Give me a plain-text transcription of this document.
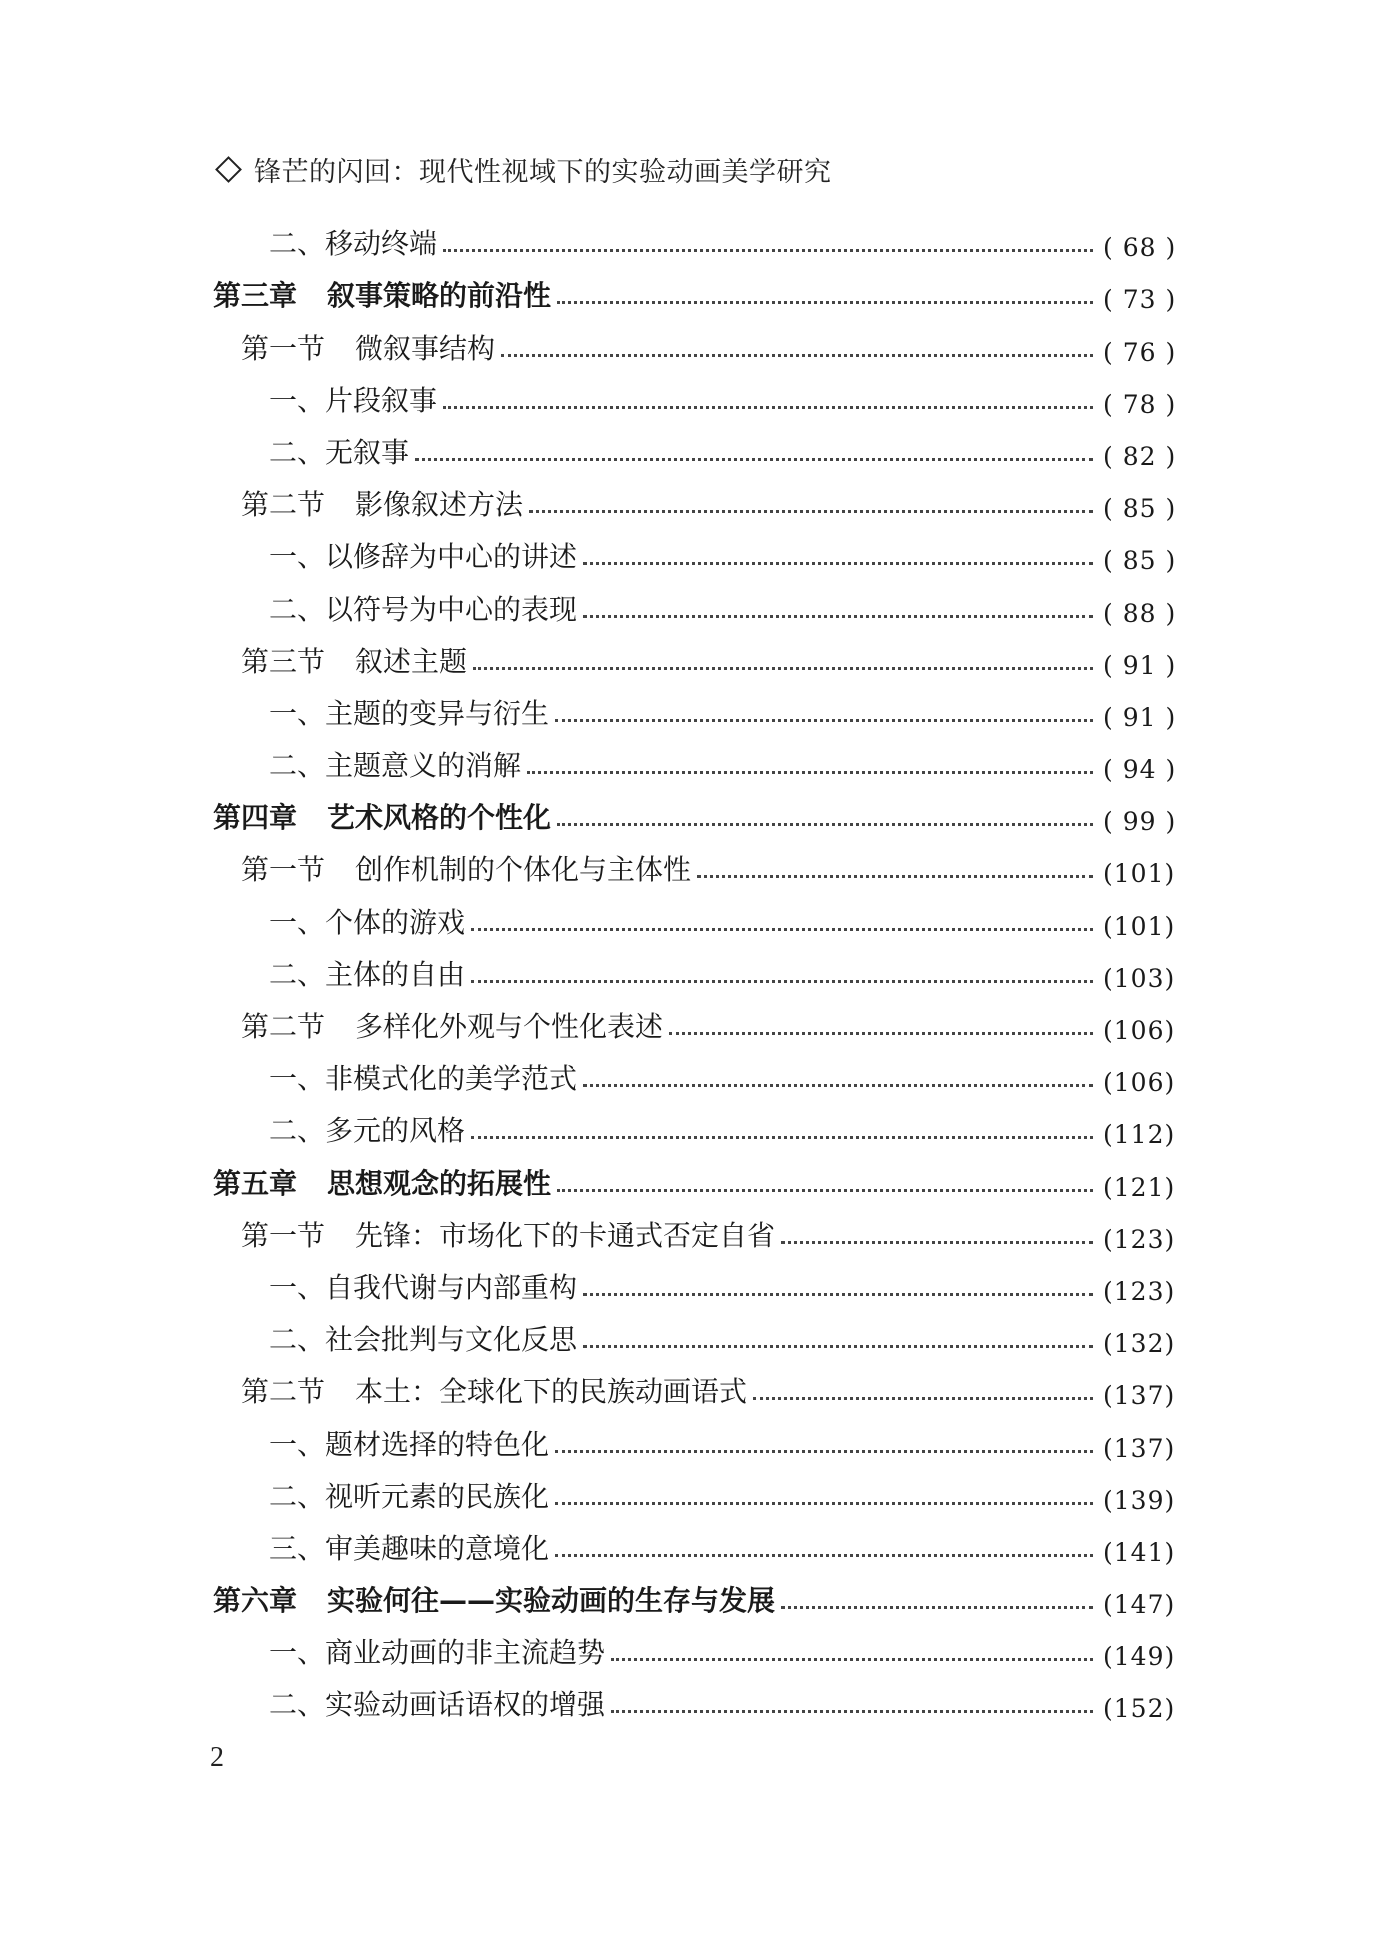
锋芒的闪回：现代性视域下的实验动画美学研究
二、移动终端	( 68 )
第三章 叙事策略的前沿性	( 73 )
第一节 微叙事结构	( 76 )
一、片段叙事	( 78 )
二、无叙事	( 82 )
第二节 影像叙述方法	( 85 )
一、以修辞为中心的讲述	( 85 )
二、以符号为中心的表现	( 88 )
第三节 叙述主题	( 91 )
一、主题的变异与衍生	( 91 )
二、主题意义的消解	( 94 )
第四章 艺术风格的个性化	( 99 )
第一节 创作机制的个体化与主体性	(101)
一、个体的游戏	(101)
二、主体的自由	(103)
第二节 多样化外观与个性化表述	(106)
一、非模式化的美学范式	(106)
二、多元的风格	(112)
第五章 思想观念的拓展性	(121)
第一节 先锋：市场化下的卡通式否定自省	(123)
一、自我代谢与内部重构	(123)
二、社会批判与文化反思	(132)
第二节 本土：全球化下的民族动画语式	(137)
一、题材选择的特色化	(137)
二、视听元素的民族化	(139)
三、审美趣味的意境化	(141)
第六章 实验何往——实验动画的生存与发展	(147)
一、商业动画的非主流趋势	(149)
二、实验动画话语权的增强	(152)
2
